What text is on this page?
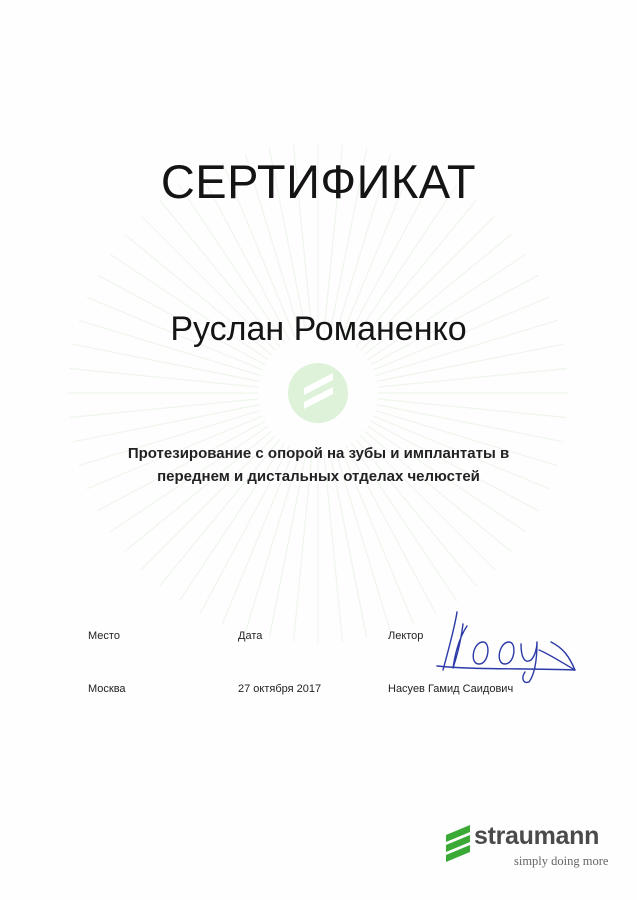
СЕРТИФИКАТ
Руслан Романенко
Протезирование с опорой на зубы и имплантаты в
переднем и дистальных отделах челюстей
Место	Дата	Лектор
Москва	27 октября 2017	Насуев Гамид Саидович
straumann
simply doing more
